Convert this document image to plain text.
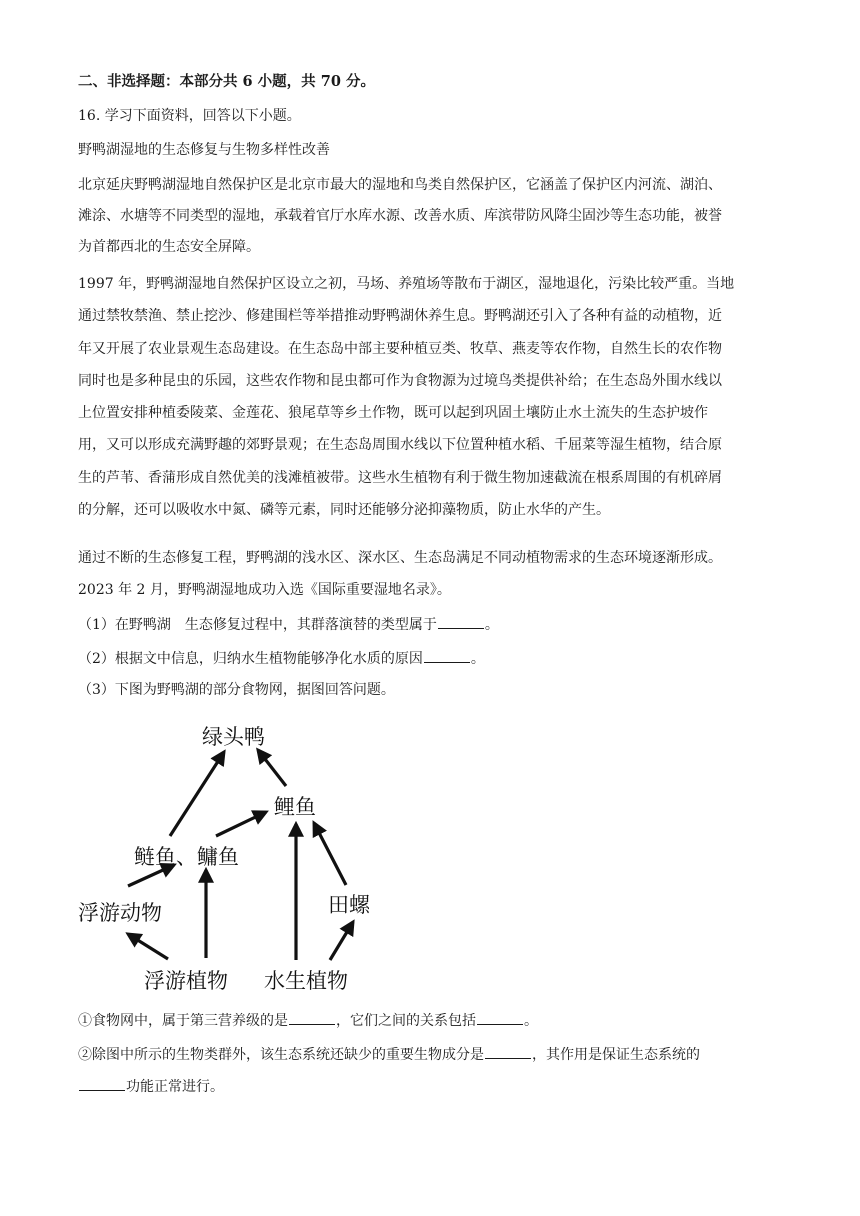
二、非选择题：本部分共 6 小题，共 70 分。
16. 学习下面资料，回答以下小题。
野鸭湖湿地的生态修复与生物多样性改善
北京延庆野鸭湖湿地自然保护区是北京市最大的湿地和鸟类自然保护区，它涵盖了保护区内河流、湖泊、
滩涂、水塘等不同类型的湿地，承载着官厅水库水源、改善水质、库滨带防风降尘固沙等生态功能，被誉
为首都西北的生态安全屏障。
1997 年，野鸭湖湿地自然保护区设立之初，马场、养殖场等散布于湖区，湿地退化，污染比较严重。当地
通过禁牧禁渔、禁止挖沙、修建围栏等举措推动野鸭湖休养生息。野鸭湖还引入了各种有益的动植物，近
年又开展了农业景观生态岛建设。在生态岛中部主要种植豆类、牧草、燕麦等农作物，自然生长的农作物
同时也是多种昆虫的乐园，这些农作物和昆虫都可作为食物源为过境鸟类提供补给；在生态岛外围水线以
上位置安排种植委陵菜、金莲花、狼尾草等乡土作物，既可以起到巩固土壤防止水土流失的生态护坡作
用，又可以形成充满野趣的郊野景观；在生态岛周围水线以下位置种植水稻、千屈菜等湿生植物，结合原
生的芦苇、香蒲形成自然优美的浅滩植被带。这些水生植物有利于微生物加速截流在根系周围的有机碎屑
的分解，还可以吸收水中氮、磷等元素，同时还能够分泌抑藻物质，防止水华的产生。
通过不断的生态修复工程，野鸭湖的浅水区、深水区、生态岛满足不同动植物需求的生态环境逐渐形成。
2023 年 2 月，野鸭湖湿地成功入选《国际重要湿地名录》。
（1）在野鸭湖　生态修复过程中，其群落演替的类型属于	。
（2）根据文中信息，归纳水生植物能够净化水质的原因	。
（3）下图为野鸭湖的部分食物网，据图回答问题。
绿头鸭
鲤鱼
鲢鱼、鳙鱼
浮游动物	田螺
浮游植物 水生植物
①食物网中，属于第三营养级的是	，它们之间的关系包括	。
②除图中所示的生物类群外，该生态系统还缺少的重要生物成分是	，其作用是保证生态系统的
功能正常进行。
